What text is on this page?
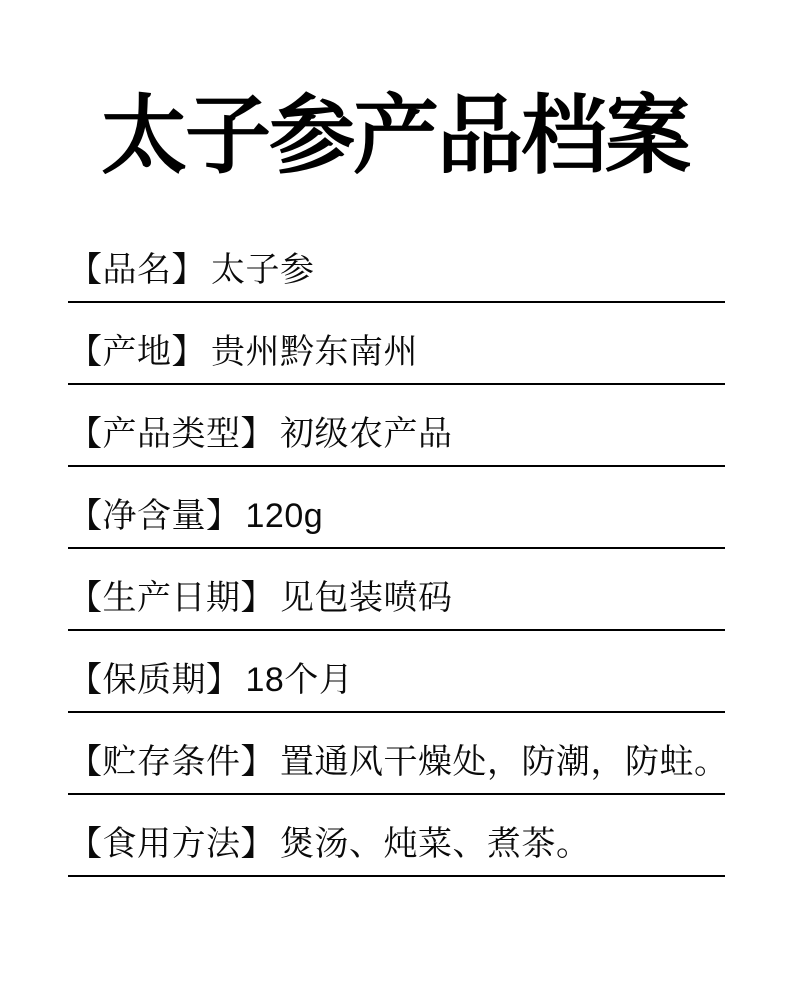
太子参产品档案
【品名】 太子参
【产地】 贵州黔东南州
【产品类型】 初级农产品
【净含量】 120g
【生产日期】 见包装喷码
【保质期】 18个月
【贮存条件】 置通风干燥处，防潮，防蛀。
【食用方法】 煲汤、炖菜、煮茶。
